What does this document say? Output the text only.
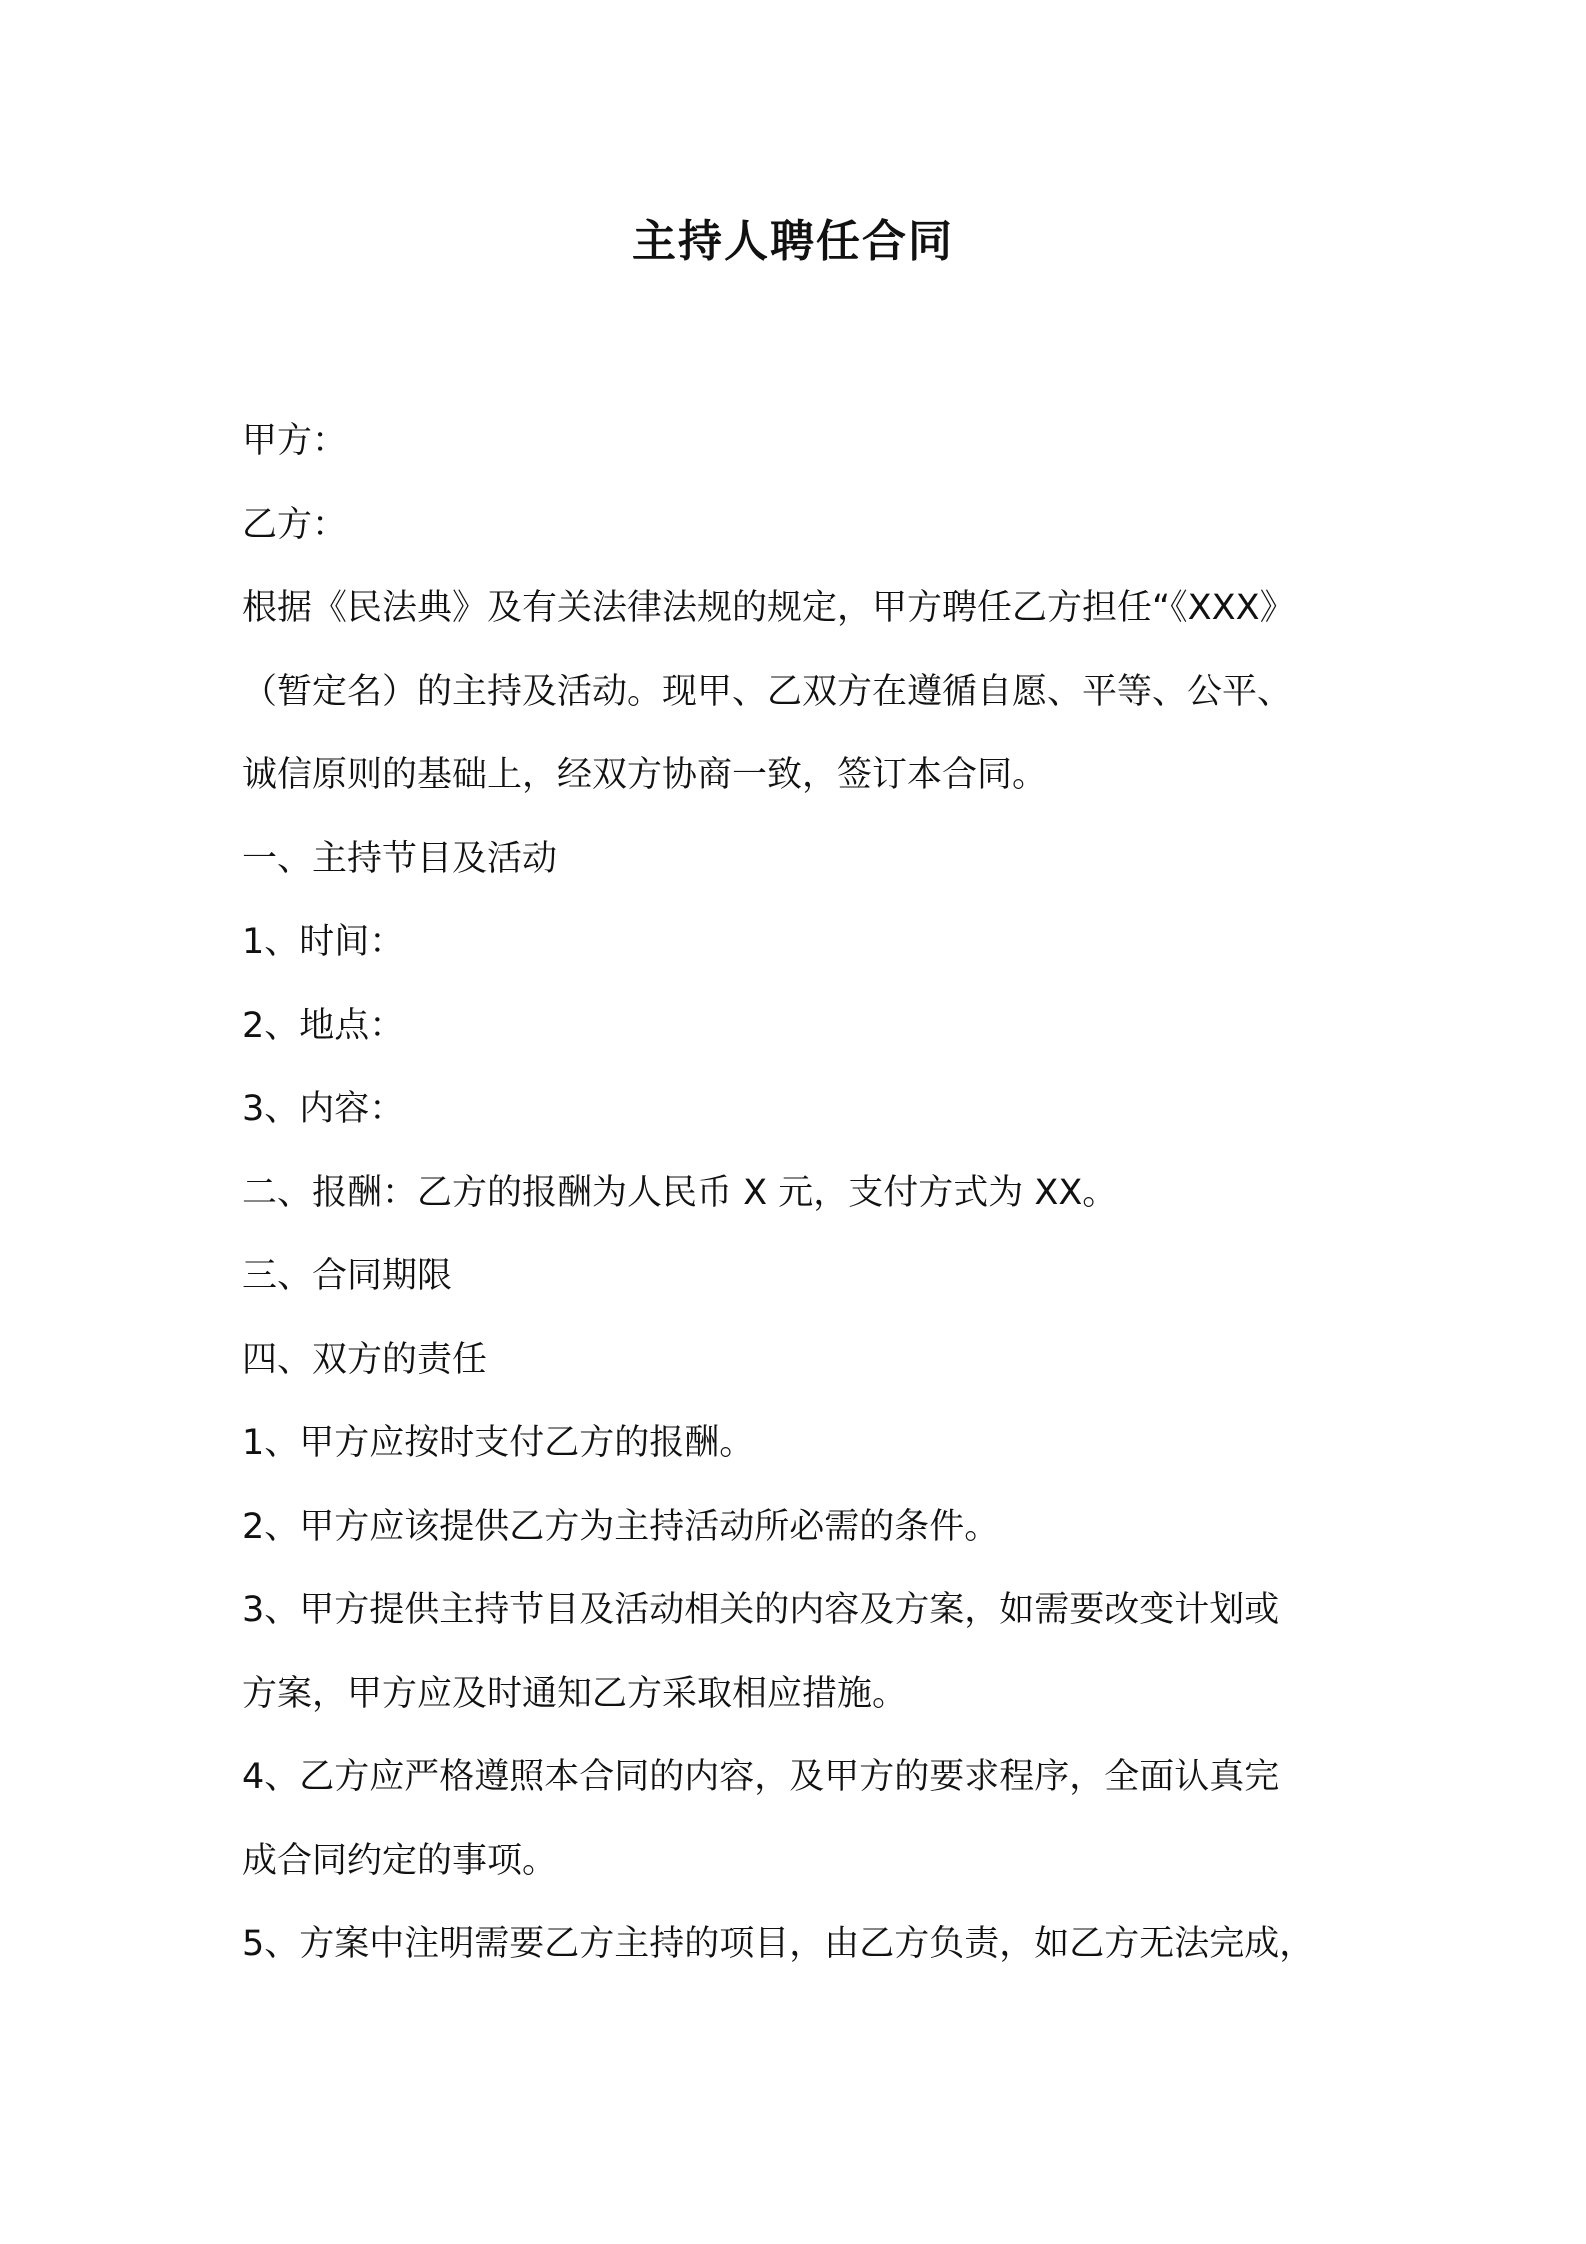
主持人聘任合同
甲方：
乙方：
根据《民法典》及有关法律法规的规定，甲方聘任乙方担任“《XXX》
（暂定名）的主持及活动。现甲、乙双方在遵循自愿、平等、公平、
诚信原则的基础上，经双方协商一致，签订本合同。
一、主持节目及活动
1、时间：
2、地点：
3、内容：
二、报酬：乙方的报酬为人民币 X 元，支付方式为 XX。
三、合同期限
四、双方的责任
1、甲方应按时支付乙方的报酬。
2、甲方应该提供乙方为主持活动所必需的条件。
3、甲方提供主持节目及活动相关的内容及方案，如需要改变计划或
方案，甲方应及时通知乙方采取相应措施。
4、乙方应严格遵照本合同的内容，及甲方的要求程序，全面认真完
成合同约定的事项。
5、方案中注明需要乙方主持的项目，由乙方负责，如乙方无法完成，
